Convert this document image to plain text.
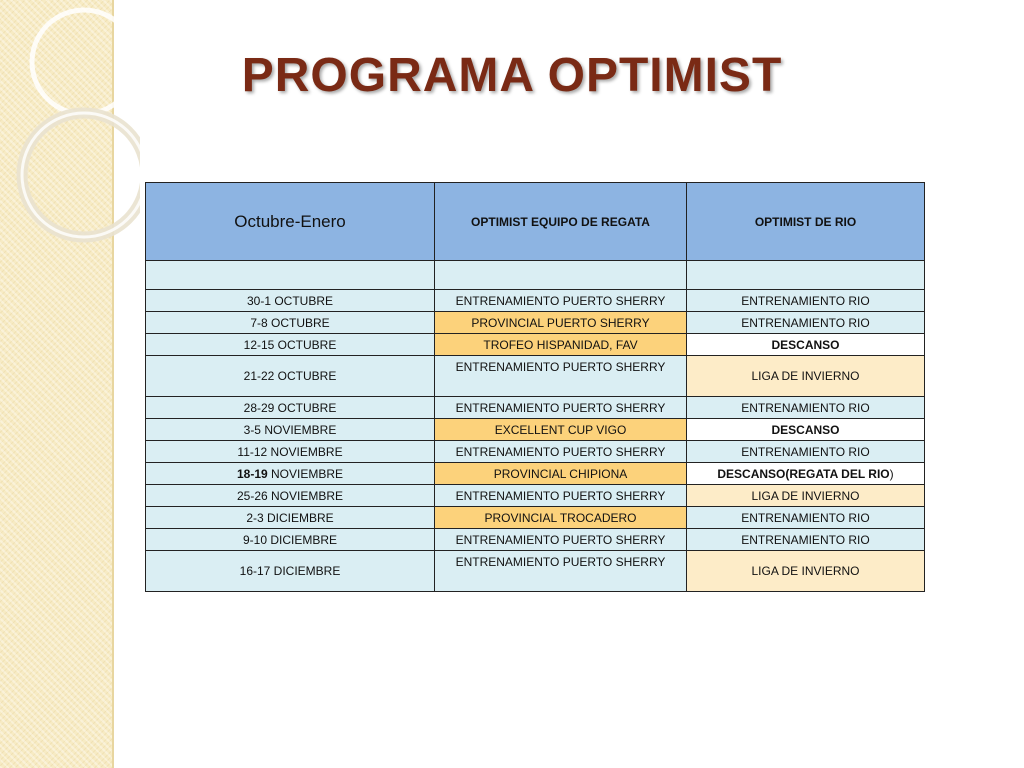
PROGRAMA OPTIMIST
Octubre-Enero	OPTIMIST EQUIPO DE REGATA	OPTIMIST DE RIO

30-1 OCTUBRE	ENTRENAMIENTO PUERTO SHERRY	ENTRENAMIENTO RIO
7-8 OCTUBRE	PROVINCIAL PUERTO SHERRY	ENTRENAMIENTO RIO
12-15 OCTUBRE	TROFEO HISPANIDAD, FAV	DESCANSO
21-22 OCTUBRE	ENTRENAMIENTO PUERTO SHERRY	LIGA DE INVIERNO
28-29 OCTUBRE	ENTRENAMIENTO PUERTO SHERRY	ENTRENAMIENTO RIO
3-5 NOVIEMBRE	EXCELLENT CUP VIGO	DESCANSO
11-12 NOVIEMBRE	ENTRENAMIENTO PUERTO SHERRY	ENTRENAMIENTO RIO
18-19 NOVIEMBRE	PROVINCIAL CHIPIONA	DESCANSO(REGATA DEL RIO)
25-26 NOVIEMBRE	ENTRENAMIENTO PUERTO SHERRY	LIGA DE INVIERNO
2-3 DICIEMBRE	PROVINCIAL TROCADERO	ENTRENAMIENTO RIO
9-10 DICIEMBRE	ENTRENAMIENTO PUERTO SHERRY	ENTRENAMIENTO RIO
16-17 DICIEMBRE	ENTRENAMIENTO PUERTO SHERRY	LIGA DE INVIERNO
